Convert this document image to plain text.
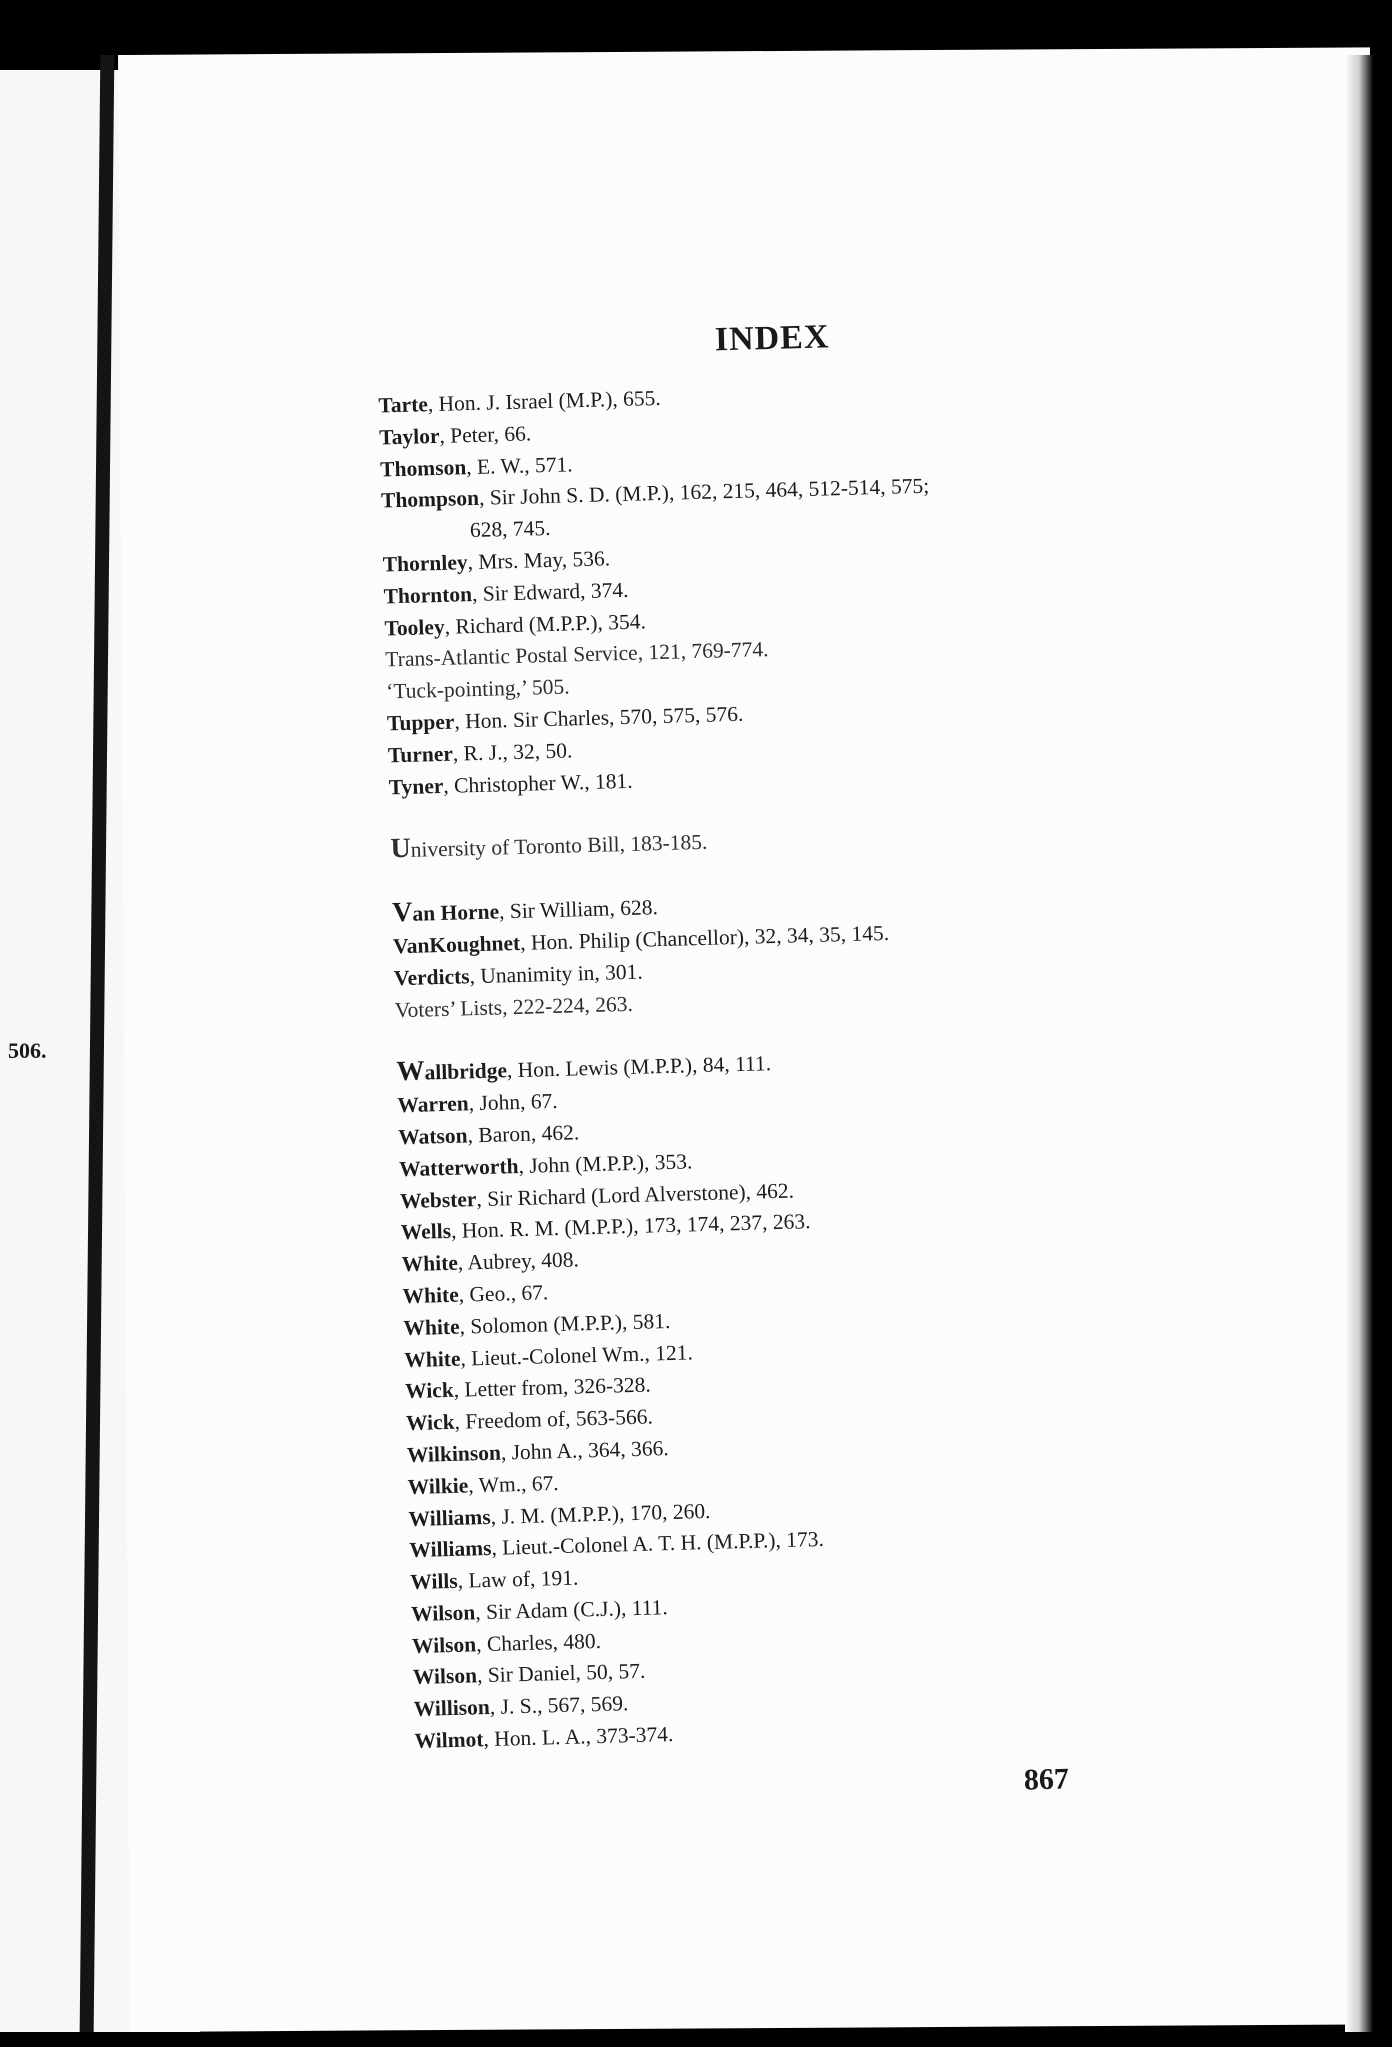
506.
INDEX
Tarte, Hon. J. Israel (M.P.), 655.
Taylor, Peter, 66.
Thomson, E. W., 571.
Thompson, Sir John S. D. (M.P.), 162, 215, 464, 512-514, 575;
628, 745.
Thornley, Mrs. May, 536.
Thornton, Sir Edward, 374.
Tooley, Richard (M.P.P.), 354.
Trans-Atlantic Postal Service, 121, 769-774.
‘Tuck-pointing,’ 505.
Tupper, Hon. Sir Charles, 570, 575, 576.
Turner, R. J., 32, 50.
Tyner, Christopher W., 181.
University of Toronto Bill, 183-185.
Van Horne, Sir William, 628.
VanKoughnet, Hon. Philip (Chancellor), 32, 34, 35, 145.
Verdicts, Unanimity in, 301.
Voters’ Lists, 222-224, 263.
Wallbridge, Hon. Lewis (M.P.P.), 84, 111.
Warren, John, 67.
Watson, Baron, 462.
Watterworth, John (M.P.P.), 353.
Webster, Sir Richard (Lord Alverstone), 462.
Wells, Hon. R. M. (M.P.P.), 173, 174, 237, 263.
White, Aubrey, 408.
White, Geo., 67.
White, Solomon (M.P.P.), 581.
White, Lieut.-Colonel Wm., 121.
Wick, Letter from, 326-328.
Wick, Freedom of, 563-566.
Wilkinson, John A., 364, 366.
Wilkie, Wm., 67.
Williams, J. M. (M.P.P.), 170, 260.
Williams, Lieut.-Colonel A. T. H. (M.P.P.), 173.
Wills, Law of, 191.
Wilson, Sir Adam (C.J.), 111.
Wilson, Charles, 480.
Wilson, Sir Daniel, 50, 57.
Willison, J. S., 567, 569.
Wilmot, Hon. L. A., 373-374.
867
